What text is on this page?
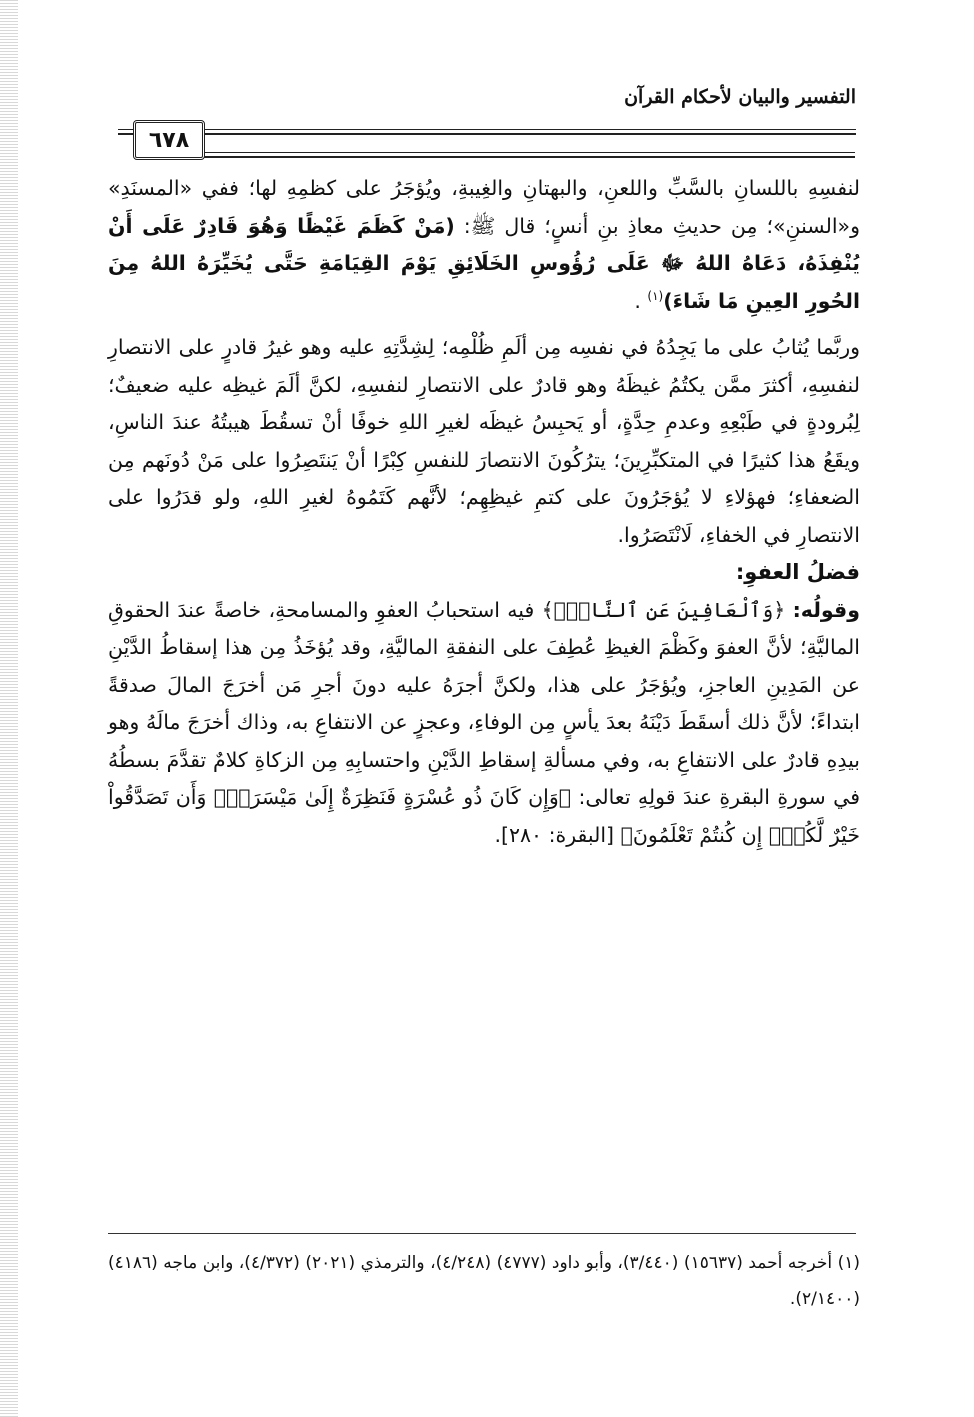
التفسير والبيان لأحكام القرآن
٦٧٨

لنفسِهِ باللسانِ بالسَّبِّ واللعنِ، والبهتانِ والغِيبةِ، ويُؤجَرُ على كظمِهِ لها؛ ففي «المسنَدِ» و«السننِ»؛ مِن حديثِ معاذِ بنِ أنسٍ؛ قال ﷺ: (مَنْ كَظَمَ غَيْظًا وَهُوَ قَادِرٌ عَلَى أَنْ يُنْفِذَهُ، دَعَاهُ اللهُ ﷻ عَلَى رُؤُوسِ الخَلَائِقِ يَوْمَ القِيَامَةِ حَتَّى يُخَيِّرَهُ اللهُ مِنَ الحُورِ العِينِ مَا شَاءَ)$^{(١)}$ .

وربَّما يُثابُ على ما يَجِدُهُ في نفسِه مِن ألَمِ ظُلْمِه؛ لِشِدَّتِهِ عليه وهو غيرُ قادرٍ على الانتصارِ لنفسِهِ، أكثرَ ممَّن يكتُمُ غيظَهُ وهو قادرٌ على الانتصارِ لنفسِهِ، لكنَّ ألَمَ غيظِه عليه ضعيفٌ؛ لِبُرودةٍ في طَبْعِهِ وعدمِ حِدَّةٍ، أو يَحبِسُ غيظَه لغيرِ اللهِ خوفًا أنْ تسقُطَ هيبتُهُ عندَ الناسِ، ويقَعُ هذا كثيرًا في المتكبِّرِينَ؛ يترُكُونَ الانتصارَ للنفسِ كِبْرًا أنْ يَنتَصِرُوا على مَنْ دُونَهم مِن الضعفاءِ؛ فهؤلاءِ لا يُؤجَرُونَ على كتمِ غيظِهِم؛ لأنَّهم كَتَمُوهُ لغيرِ اللهِ، ولو قدَرُوا على الانتصارِ في الخفاءِ، لَانْتَصَرُوا.

فضلُ العفوِ:

وقولُه: ﴿وَٱلْعَافِينَ عَنِ ٱلنَّاسِۗ﴾ فيه استحبابُ العفوِ والمسامحةِ، خاصةً عندَ الحقوقِ الماليَّةِ؛ لأنَّ العفوَ وكَظْمَ الغيظِ عُطِفَ على النفقةِ الماليَّةِ، وقد يُؤخَذُ مِن هذا إسقاطُ الدَّيْنِ عن المَدِينِ العاجزِ، ويُؤجَرُ على هذا، ولكنَّ أجرَهُ عليه دونَ أجرِ مَن أخرَجَ المالَ صدقةً ابتداءً؛ لأنَّ ذلك أسقَطَ دَيْنَهُ بعدَ يأسٍ مِن الوفاءِ، وعجزٍ عن الانتفاعِ به، وذاك أخرَجَ مالَهُ وهو بيدِهِ قادرٌ على الانتفاعِ به، وفي مسألةِ إسقاطِ الدَّيْنِ واحتسابِهِ مِن الزكاةِ كلامٌ تقدَّمَ بسطُهُ في سورةِ البقرةِ عندَ قولِهِ تعالى: ﴿وَإِن كَانَ ذُو عُسْرَةٍ فَنَظِرَةٌ إِلَىٰ مَيْسَرَةٍۚ وَأَن تَصَدَّقُواْ خَيْرٌ لَّكُمْۖ إِن كُنتُمْ تَعْلَمُونَ﴾ [البقرة: ٢٨٠].

(١) أخرجه أحمد (١٥٦٣٧) (٣/٤٤٠)، وأبو داود (٤٧٧٧) (٤/٢٤٨)، والترمذي (٢٠٢١) (٤/٣٧٢)، وابن ماجه (٤١٨٦) (٢/١٤٠٠).
